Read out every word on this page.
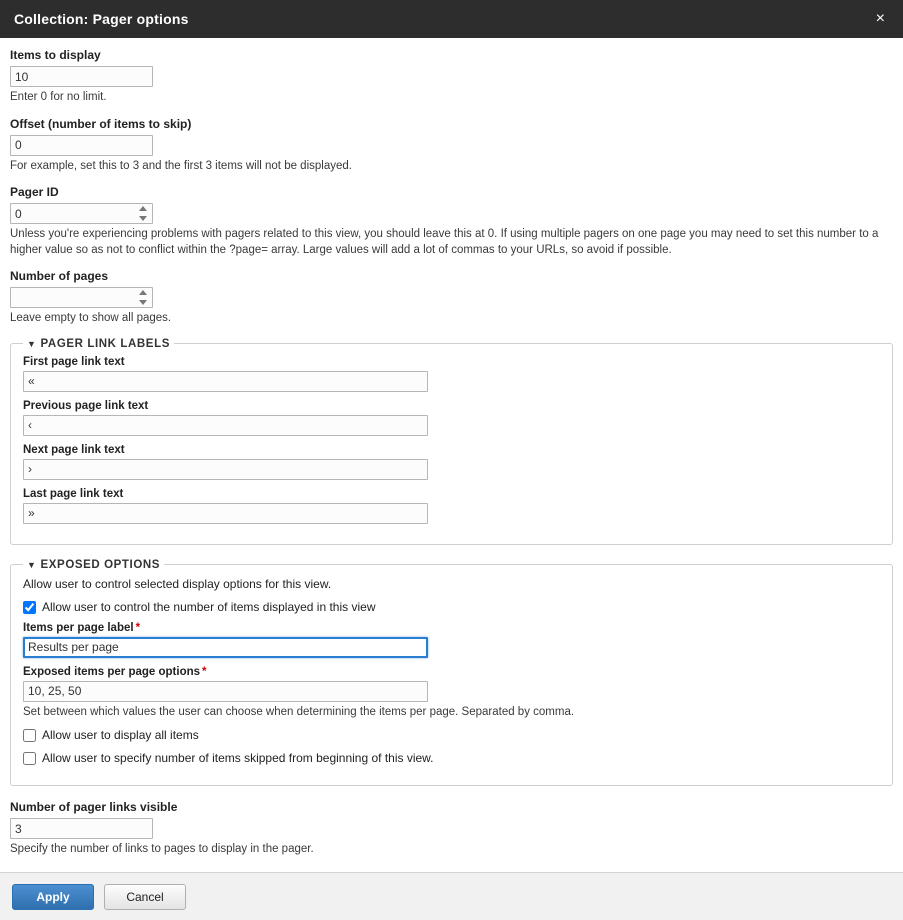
Collection: Pager options	×
Items to display
10
Enter 0 for no limit.
Offset (number of items to skip)
0
For example, set this to 3 and the first 3 items will not be displayed.
Pager ID
0
Unless you're experiencing problems with pagers related to this view, you should leave this at 0. If using multiple pagers on one page you may need to set this number to a higher value so as not to conflict within the ?page= array. Large values will add a lot of commas to your URLs, so avoid if possible.
Number of pages
Leave empty to show all pages.
▼ PAGER LINK LABELS
First page link text
«
Previous page link text
‹
Next page link text
›
Last page link text
»
▼ EXPOSED OPTIONS
Allow user to control selected display options for this view.
Allow user to control the number of items displayed in this view
Items per page label *
Results per page
Exposed items per page options *
10, 25, 50
Set between which values the user can choose when determining the items per page. Separated by comma.
Allow user to display all items
Allow user to specify number of items skipped from beginning of this view.
Number of pager links visible
3
Specify the number of links to pages to display in the pager.
Apply	Cancel
